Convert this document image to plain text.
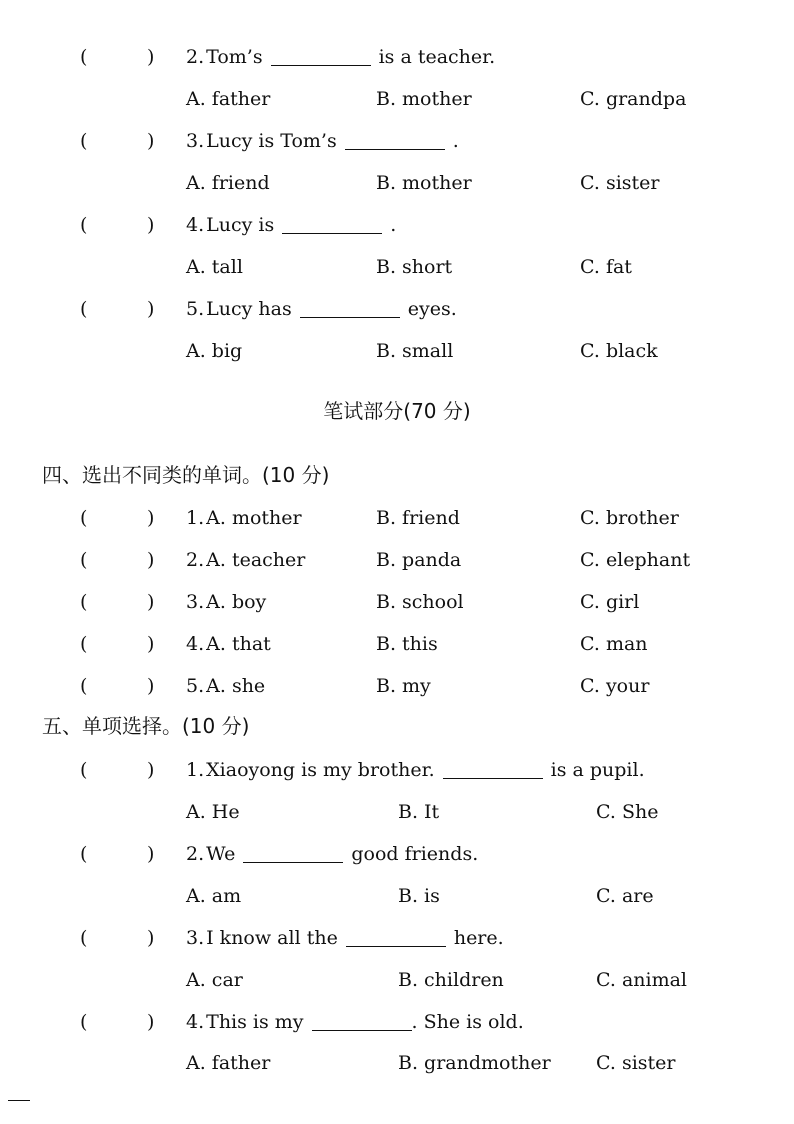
(	) 2. Tom’s	is a teacher.
A. father	B. mother	C. grandpa
(	) 3. Lucy is Tom’s	.
A. friend	B. mother	C. sister
(	) 4. Lucy is	.
A. tall	B. short	C. fat
(	) 5. Lucy has	eyes.
A. big	B. small	C. black
笔试部分(70 分)
四、选出不同类的单词。(10 分)
(	) 1. A. mother	B. friend	C. brother
(	) 2. A. teacher	B. panda	C. elephant
(	) 3. A. boy	B. school	C. girl
(	) 4. A. that	B. this	C. man
(	) 5. A. she	B. my	C. your
五、单项选择。(10 分)
(	) 1. Xiaoyong is my brother.	is a pupil.
A. He	B. It	C. She
(	) 2. We	good friends.
A. am	B. is	C. are
(	) 3. I know all the	here.
A. car	B. children	C. animal
(	) 4. This is my	. She is old.
A. father	B. grandmother C. sister
